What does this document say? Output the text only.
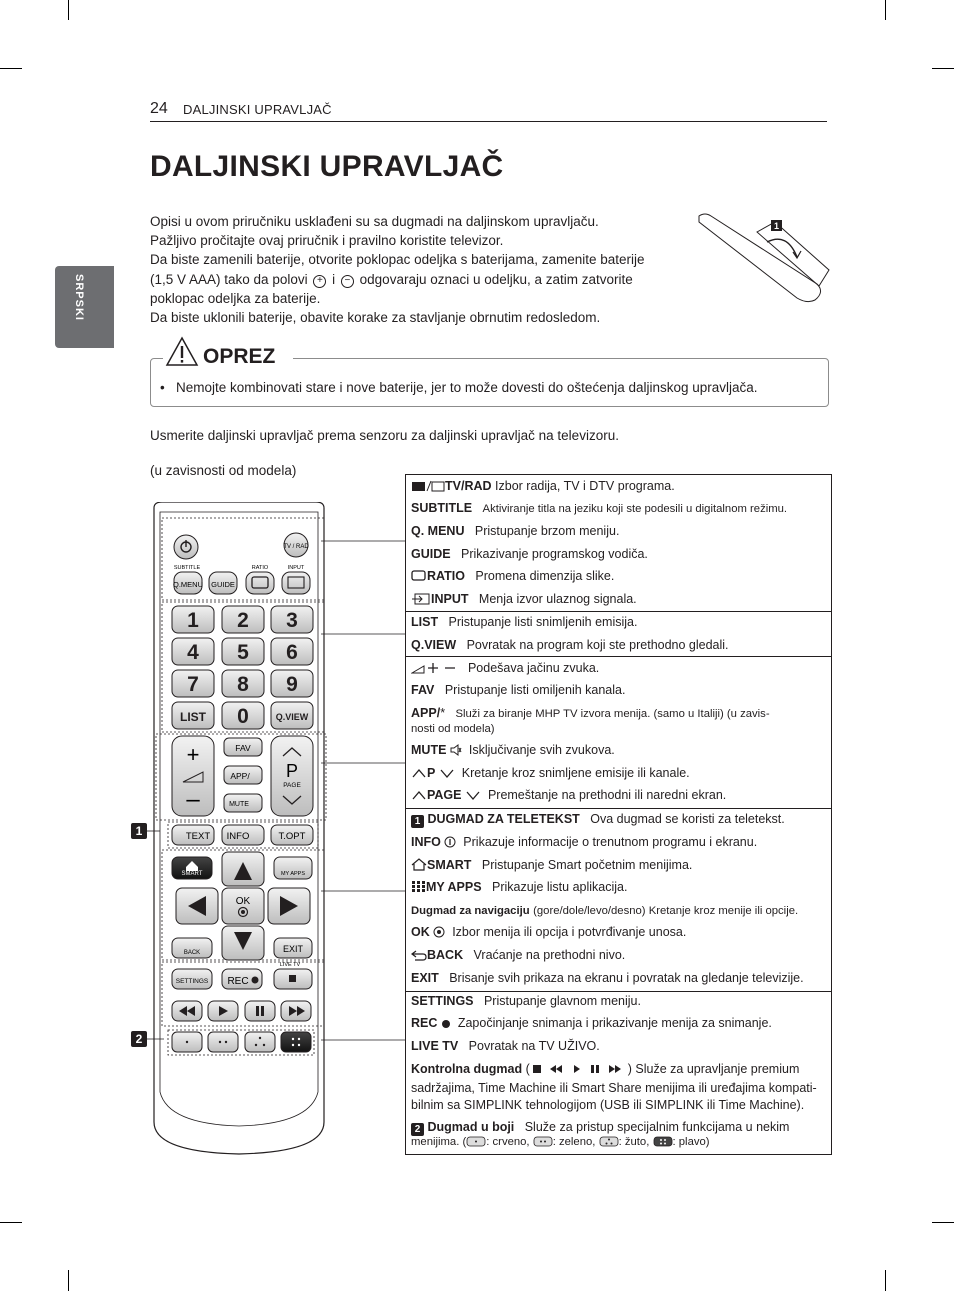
24 DALJINSKI UPRAVLJAČ
SRPSKI
DALJINSKI UPRAVLJAČ

Opisi u ovom priručniku usklađeni su sa dugmadi na daljinskom upravljaču.

Pažljivo pročitajte ovaj priručnik i pravilno koristite televizor.

Da biste zamenili baterije, otvorite poklopac odeljka s baterijama, zamenite baterije

(1,5 V AAA) tako da polovi + i − odgovaraju oznaci u odeljku, a zatim zatvorite

poklopac odeljka za baterije.

Da biste uklonili baterije, obavite korake za stavljanje obrnutim redosledom.

1
OPREZ
•   Nemojte kombinovati stare i nove baterije, jer to može dovesti do oštećenja daljinskog upravljača.
Usmerite daljinski upravljač prema senzoru za daljinski upravljač na televizoru.
(u zavisnosti od modela)
TV / RAD
SUBTITLE	RATIO	INPUT
Q.MENU GUIDE
1 2 3
4 5 6
7 8 9
LIST 0	Q.VIEW
+
–
FAV
APP/
MUTE
P
PAGE
TEXT INFO	T.OPT
SMART	MY APPS
OK
BACK	EXIT
LIVE TV
SETTINGS REC
1
2
TV/RAD Izbor radija, TV i DTV programa.
SUBTITLE Aktiviranje titla na jeziku koji ste podesili u digitalnom režimu.
Q. MENU Pristupanje brzom meniju.
GUIDE Prikazivanje programskog vodiča.
RATIO Promena dimenzija slike.
INPUT Menja izvor ulaznog signala.
LIST Pristupanje listi snimljenih emisija.
Q.VIEW Povratak na program koji ste prethodno gledali.
Podešava jačinu zvuka.
FAV Pristupanje listi omiljenih kanala.
APP/* Služi za biranje MHP TV izvora menija. (samo u Italiji) (u zavis-
nosti od modela)
MUTE Isključivanje svih zvukova.
P Kretanje kroz snimljene emisije ili kanale.
PAGE Premeštanje na prethodni ili naredni ekran.
1 DUGMAD ZA TELETEKST Ova dugmad se koristi za teletekst.
INFO Prikazuje informacije o trenutnom programu i ekranu.
SMART Pristupanje Smart početnim menijima.
MY APPS Prikazuje listu aplikacija.
Dugmad za navigaciju (gore/dole/levo/desno) Kretanje kroz menije ili opcije.
OK Izbor menija ili opcija i potvrđivanje unosa.
BACK Vraćanje na prethodni nivo.
EXIT Brisanje svih prikaza na ekranu i povratak na gledanje televizije.
SETTINGS Pristupanje glavnom meniju.
REC Započinjanje snimanja i prikazivanje menija za snimanje.
LIVE TV Povratak na TV UŽIVO.
Kontrolna dugmad (	) Služe za upravljanje premium
sadržajima, Time Machine ili Smart Share menijima ili uređajima kompati-
bilnim sa SIMPLINK tehnologijom (USB ili SIMPLINK ili Time Machine).
2 Dugmad u boji Služe za pristup specijalnim funkcijama u nekim
menijima. ( : crveno, : zeleno, : žuto, : plavo)
